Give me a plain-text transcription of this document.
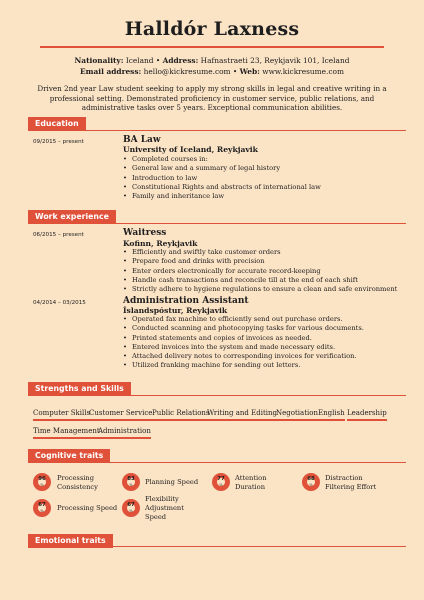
Halldór Laxness
Nationality: Iceland • Address: Hafnastraeti 23, Reykjavik 101, Iceland
Email address: hello@kickresume.com • Web: www.kickresume.com
Driven 2nd year Law student seeking to apply my strong skills in legal and creative writing in a professional setting. Demonstrated proficiency in customer service, public relations, and administrative tasks over 5 years. Exceptional communication abilities.
Education
09/2015 – present	BA Law
University of Iceland, Reykjavik
• Completed courses in:
• General law and a summary of legal history
• Introduction to law
• Constitutional Rights and abstracts of international law
• Family and inheritance law
Work experience
06/2015 – present	Waitress
Kofinn, Reykjavik
• Efficiently and swiftly take customer orders
• Prepare food and drinks with precision
• Enter orders electronically for accurate record-keeping
• Handle cash transactions and reconcile till at the end of each shift
• Strictly adhere to hygiene regulations to ensure a clean and safe environment
04/2014 – 03/2015	Administration Assistant
Íslandspóstur, Reykjavik
• Operated fax machine to efficiently send out purchase orders.
• Conducted scanning and photocopying tasks for various documents.
• Printed statements and copies of invoices as needed.
• Entered invoices into the system and made necessary edits.
• Attached delivery notes to corresponding invoices for verification.
• Utilized franking machine for sending out letters.
Strengths and Skills
Computer Skills
Customer Service Public Relations
Writing and Editing Negotiation English Leadership
Time Management
Administration
Cognitive traits
96
%
Processing
Consistency
83
%	Planning Speed	77
%
Attention
Duration
68
%
Distraction
Filtering Effort
67
%	Processing Speed	67
%
Flexibility
Adjustment
Speed
Emotional traits
